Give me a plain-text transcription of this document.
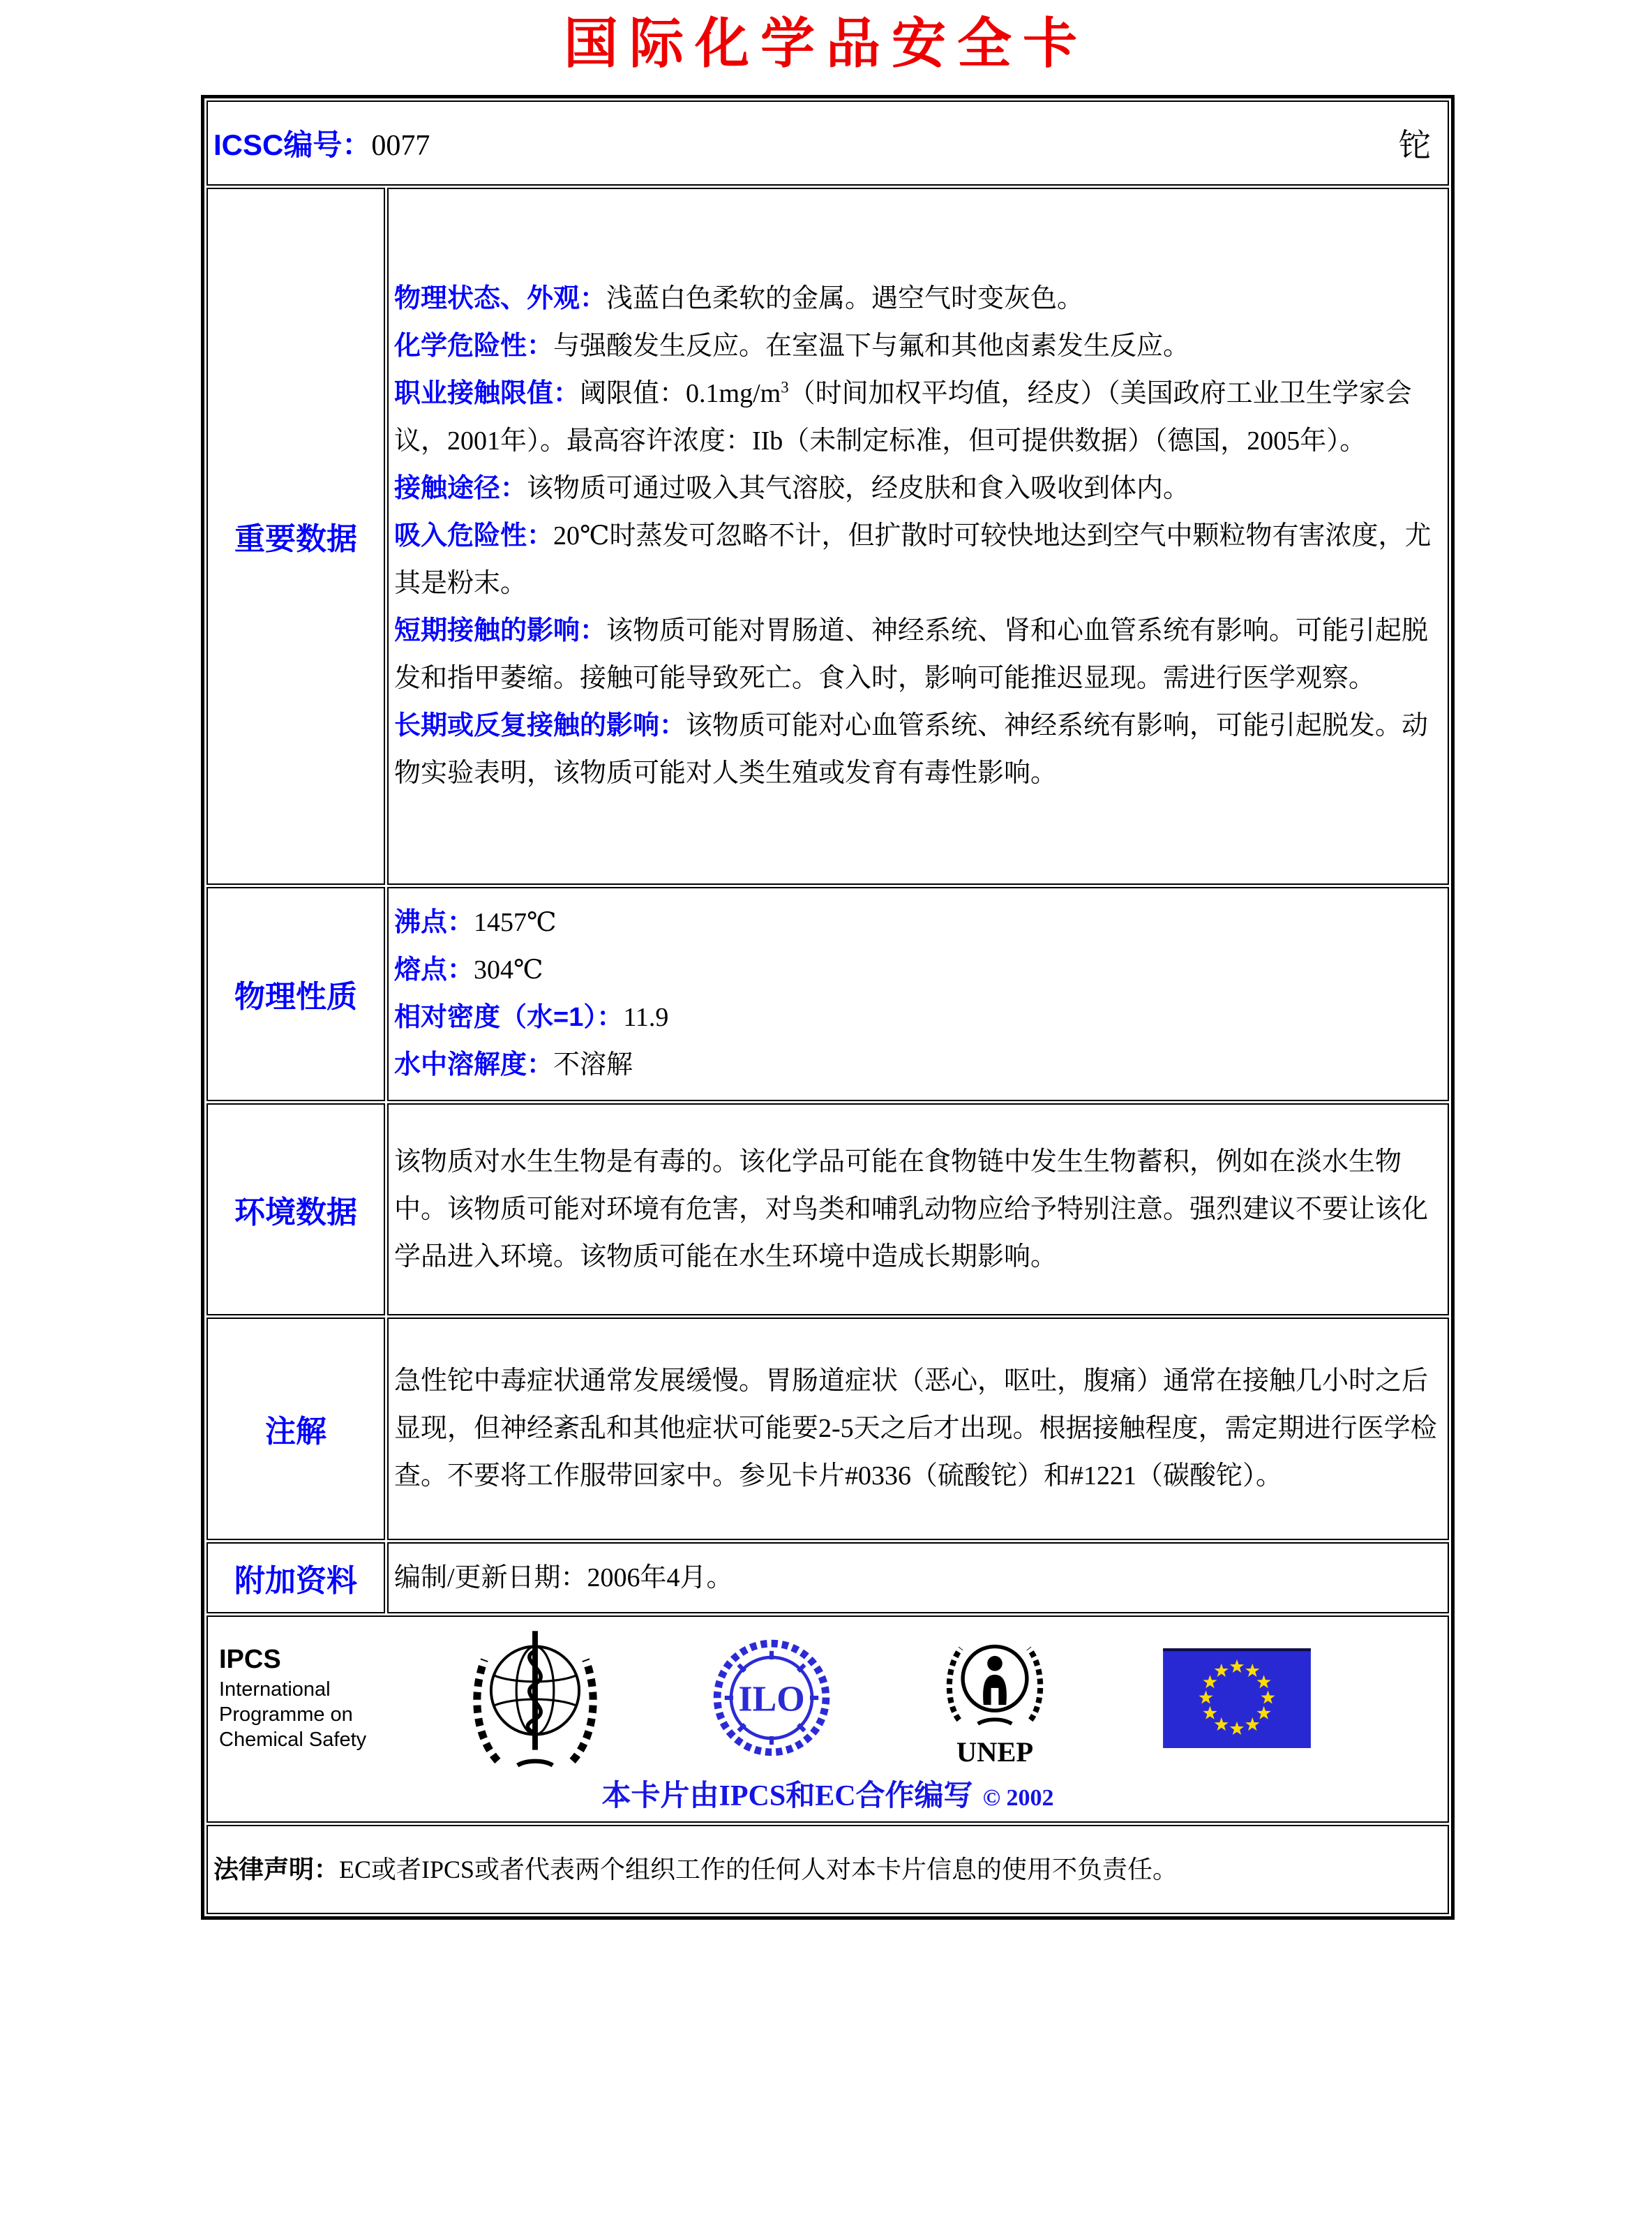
国际化学品安全卡
ICSC编号：0077 铊	

重要数据	
物理状态、外观：浅蓝白色柔软的金属。遇空气时变灰色。
化学危险性：与强酸发生反应。在室温下与氟和其他卤素发生反应。
职业接触限值：阈限值：$0.1mg/m^3$（时间加权平均值，经皮）（美国政府工业卫生学家会议，2001年）。最高容许浓度：IIb（未制定标准，但可提供数据）（德国，2005年）。
接触途径：该物质可通过吸入其气溶胶，经皮肤和食入吸收到体内。
吸入危险性：20℃时蒸发可忽略不计，但扩散时可较快地达到空气中颗粒物有害浓度，尤其是粉末。
短期接触的影响：该物质可能对胃肠道、神经系统、肾和心血管系统有影响。可能引起脱发和指甲萎缩。接触可能导致死亡。食入时，影响可能推迟显现。需进行医学观察。
长期或反复接触的影响：该物质可能对心血管系统、神经系统有影响，可能引起脱发。动物实验表明，该物质可能对人类生殖或发育有毒性影响。

物理性质	沸点：1457℃
熔点：304℃
相对密度（水=1）：11.9
水中溶解度：不溶解

环境数据	该物质对水生生物是有毒的。该化学品可能在食物链中发生生物蓄积，例如在淡水生物中。该物质可能对环境有危害，对鸟类和哺乳动物应给予特别注意。强烈建议不要让该化学品进入环境。该物质可能在水生环境中造成长期影响。
注解	急性铊中毒症状通常发展缓慢。胃肠道症状（恶心，呕吐，腹痛）通常在接触几小时之后显现，但神经紊乱和其他症状可能要2-5天之后才出现。根据接触程度，需定期进行医学检查。不要将工作服带回家中。参见卡片#0336（硫酸铊）和#1221（碳酸铊）。
附加资料	编制/更新日期：2006年4月。

IPCS
International
Programme on
Chemical Safety
ILO
UNEP
本卡片由IPCS和EC合作编写 © 2002

法律声明：EC或者IPCS或者代表两个组织工作的任何人对本卡片信息的使用不负责任。	
